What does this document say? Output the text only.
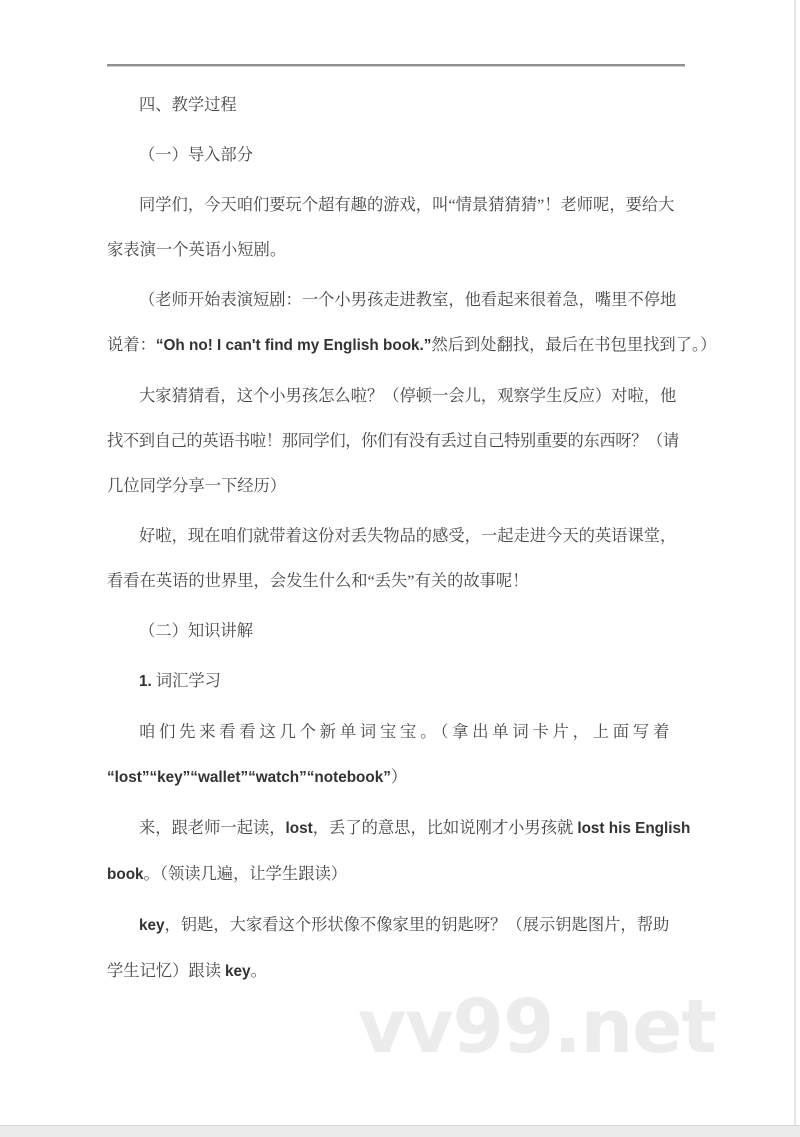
四、教学过程
（一）导入部分
同学们，今天咱们要玩个超有趣的游戏，叫“情景猜猜猜”！老师呢，要给大
家表演一个英语小短剧。
（老师开始表演短剧：一个小男孩走进教室，他看起来很着急，嘴里不停地
说着：“Oh no! I can't find my English book.”然后到处翻找，最后在书包里找到了。）
大家猜猜看，这个小男孩怎么啦？（停顿一会儿，观察学生反应）对啦，他
找不到自己的英语书啦！那同学们，你们有没有丢过自己特别重要的东西呀？（请
几位同学分享一下经历）
好啦，现在咱们就带着这份对丢失物品的感受，一起走进今天的英语课堂，
看看在英语的世界里，会发生什么和“丢失”有关的故事呢！
（二）知识讲解
1. 词汇学习
咱们先来看看这几个新单词宝宝。（拿出单词卡片，上面写着
“lost”“key”“wallet”“watch”“notebook”）
来，跟老师一起读，lost，丢了的意思，比如说刚才小男孩就 lost his English
book。（领读几遍，让学生跟读）
key，钥匙，大家看这个形状像不像家里的钥匙呀？（展示钥匙图片，帮助
学生记忆）跟读 key。
vv99.net
